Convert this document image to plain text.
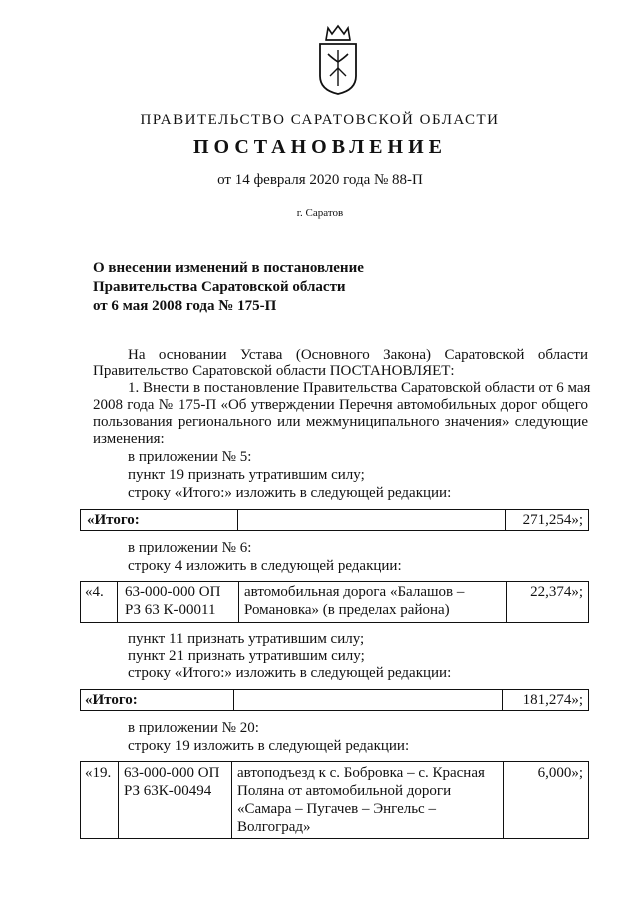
ПРАВИТЕЛЬСТВО САРАТОВСКОЙ ОБЛАСТИ
ПОСТАНОВЛЕНИЕ
от 14 февраля 2020 года № 88-П
г. Саратов
О внесении изменений в постановление
Правительства Саратовской области
от 6 мая 2008 года № 175-П
На основании Устава (Основного Закона) Саратовской области
Правительство Саратовской области ПОСТАНОВЛЯЕТ:
1. Внести в постановление Правительства Саратовской области от 6 мая
2008 года № 175-П «Об утверждении Перечня автомобильных дорог общего
пользования регионального или межмуниципального значения» следующие
изменения:
в приложении № 5:
пункт 19 признать утратившим силу;
строку «Итого:» изложить в следующей редакции:
«Итого:	271,254»;
в приложении № 6:
строку 4 изложить в следующей редакции:
«4. 63-000-000 ОП
РЗ 63 К-00011
автомобильная дорога «Балашов –
Романовка» (в пределах района)
22,374»;
пункт 11 признать утратившим силу;
пункт 21 признать утратившим силу;
строку «Итого:» изложить в следующей редакции:
«Итого:	181,274»;
в приложении № 20:
строку 19 изложить в следующей редакции:
«19. 63-000-000 ОП
РЗ 63К-00494
автоподъезд к с. Бобровка – с. Красная
Поляна от автомобильной дороги
«Самара – Пугачев – Энгельс –
Волгоград»
6,000»;
